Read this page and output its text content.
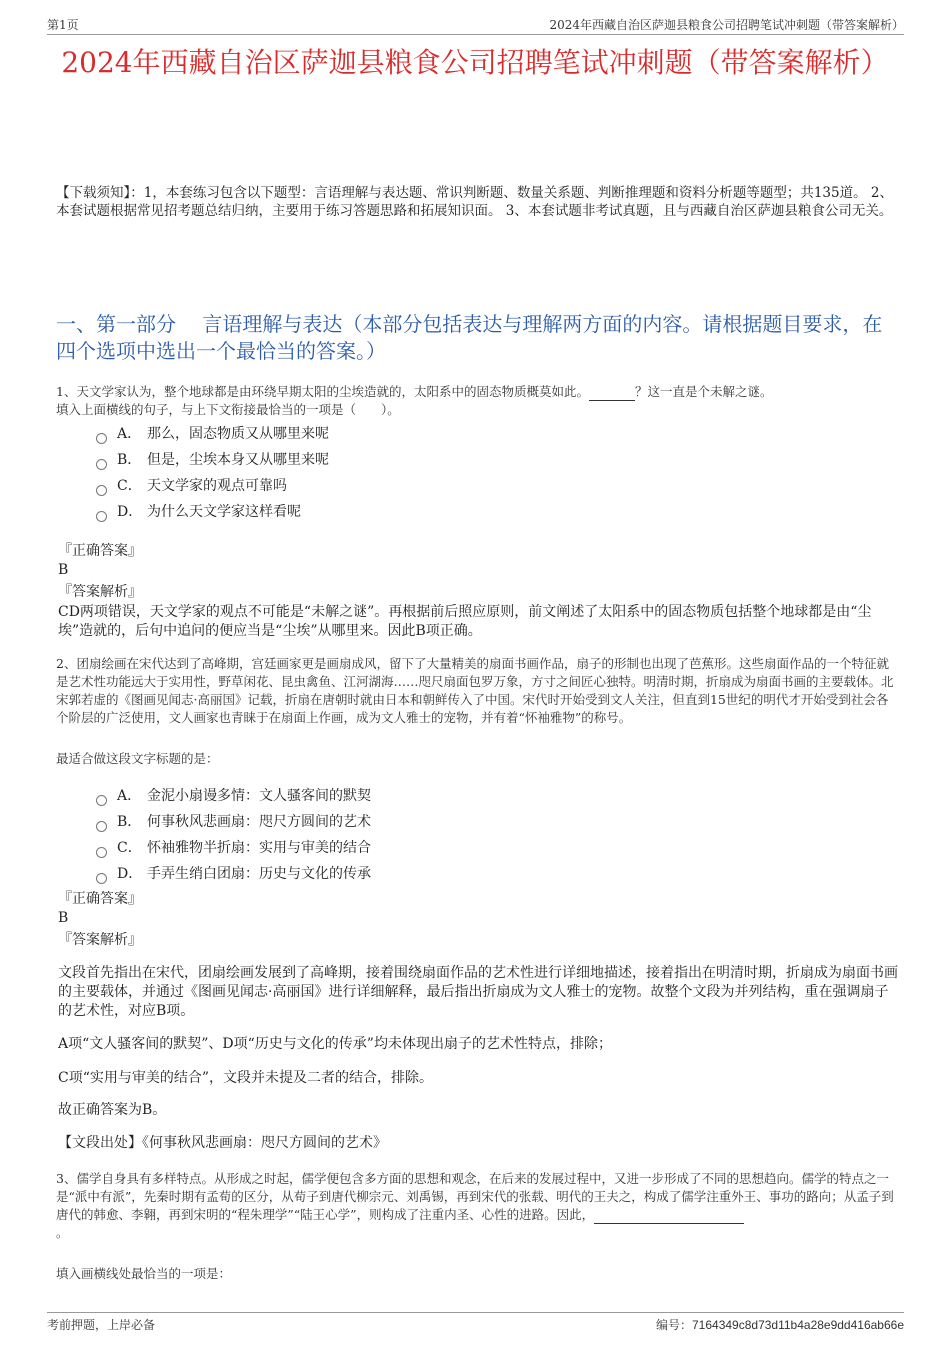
第1页	2024年西藏自治区萨迦县粮食公司招聘笔试冲刺题（带答案解析）
2024年西藏自治区萨迦县粮食公司招聘笔试冲刺题（带答案解析）
【下载须知】：1，本套练习包含以下题型：言语理解与表达题、常识判断题、数量关系题、判断推理题和资料分析题等题型；共135道。 2、本套试题根据常见招考题总结归纳，主要用于练习答题思路和拓展知识面。 3、本套试题非考试真题，且与西藏自治区萨迦县粮食公司无关。
一、第一部分　 言语理解与表达（本部分包括表达与理解两方面的内容。请根据题目要求，在四个选项中选出一个最恰当的答案。）
1、天文学家认为，整个地球都是由环绕早期太阳的尘埃造就的，太阳系中的固态物质概莫如此。	？这一直是个未解之谜。
填入上面横线的句子，与上下文衔接最恰当的一项是（   ）。
A． 那么，固态物质又从哪里来呢
B． 但是，尘埃本身又从哪里来呢
C． 天文学家的观点可靠吗
D． 为什么天文学家这样看呢
『正确答案』
B
『答案解析』
CD两项错误，天文学家的观点不可能是“未解之谜”。再根据前后照应原则，前文阐述了太阳系中的固态物质包括整个地球都是由“尘埃”造就的，后句中追问的便应当是“尘埃”从哪里来。因此B项正确。
2、团扇绘画在宋代达到了高峰期，宫廷画家更是画扇成风，留下了大量精美的扇面书画作品，扇子的形制也出现了芭蕉形。这些扇面作品的一个特征就是艺术性功能远大于实用性，野草闲花、昆虫禽鱼、江河湖海……咫尺扇面包罗万象，方寸之间匠心独特。明清时期，折扇成为扇面书画的主要载体。北宋郭若虚的《图画见闻志·高丽国》记载，折扇在唐朝时就由日本和朝鲜传入了中国。宋代时开始受到文人关注，但直到15世纪的明代才开始受到社会各个阶层的广泛使用，文人画家也青睐于在扇面上作画，成为文人雅士的宠物，并有着“怀袖雅物”的称号。
最适合做这段文字标题的是：
A． 金泥小扇谩多情：文人骚客间的默契
B． 何事秋风悲画扇：咫尺方圆间的艺术
C． 怀袖雅物半折扇：实用与审美的结合
D． 手弄生绡白团扇：历史与文化的传承
『正确答案』
B
『答案解析』
文段首先指出在宋代，团扇绘画发展到了高峰期，接着围绕扇面作品的艺术性进行详细地描述，接着指出在明清时期，折扇成为扇面书画的主要载体，并通过《图画见闻志·高丽国》进行详细解释，最后指出折扇成为文人雅士的宠物。故整个文段为并列结构，重在强调扇子的艺术性，对应B项。
A项“文人骚客间的默契”、D项“历史与文化的传承”均未体现出扇子的艺术性特点，排除；
C项“实用与审美的结合”，文段并未提及二者的结合，排除。
故正确答案为B。
【文段出处】《何事秋风悲画扇：咫尺方圆间的艺术》
3、儒学自身具有多样特点。从形成之时起，儒学便包含多方面的思想和观念，在后来的发展过程中，又进一步形成了不同的思想趋向。儒学的特点之一是“派中有派”，先秦时期有孟荀的区分，从荀子到唐代柳宗元、刘禹锡，再到宋代的张载、明代的王夫之，构成了儒学注重外王、事功的路向；从孟子到唐代的韩愈、李翱，再到宋明的“程朱理学”“陆王心学”，则构成了注重内圣、心性的进路。因此，
。
填入画横线处最恰当的一项是：
考前押题，上岸必备	编号：7164349c8d73d11b4a28e9dd416ab66e
